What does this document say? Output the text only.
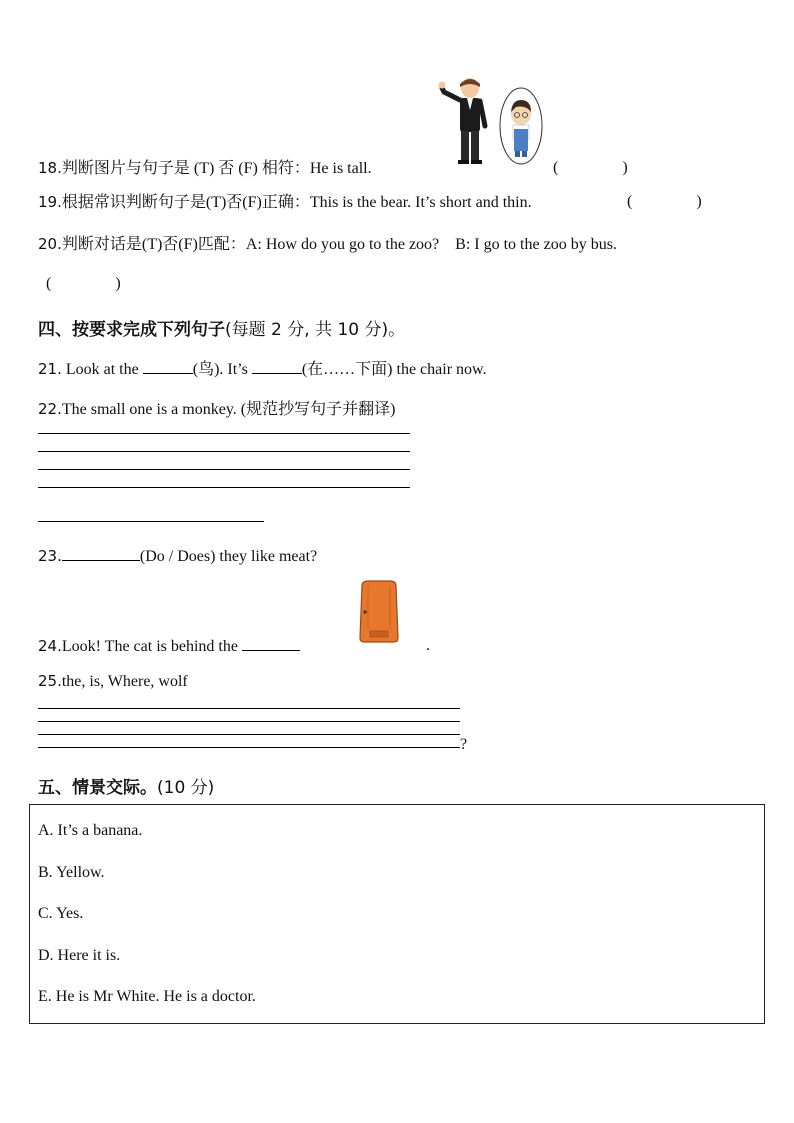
18.判断图片与句子是 (T) 否 (F) 相符：He is tall.	(　　　　)
19.根据常识判断句子是(T)否(F)正确：This is the bear. It’s short and thin.	(　　　　)
20.判断对话是(T)否(F)匹配：A: How do you go to the zoo?　B: I go to the zoo by bus.
(　　　　)
四、按要求完成下列句子(每题 2 分, 共 10 分)。
21. Look at the	(鸟). It’s	(在……下面) the chair now.
22.The small one is a monkey. (规范抄写句子并翻译)
23.	(Do / Does) they like meat?
24.Look! The cat is behind the	.
25.the, is, Where, wolf
?
五、情景交际。(10 分)
A. It’s a banana.
B. Yellow.
C. Yes.
D. Here it is.
E. He is Mr White. He is a doctor.
